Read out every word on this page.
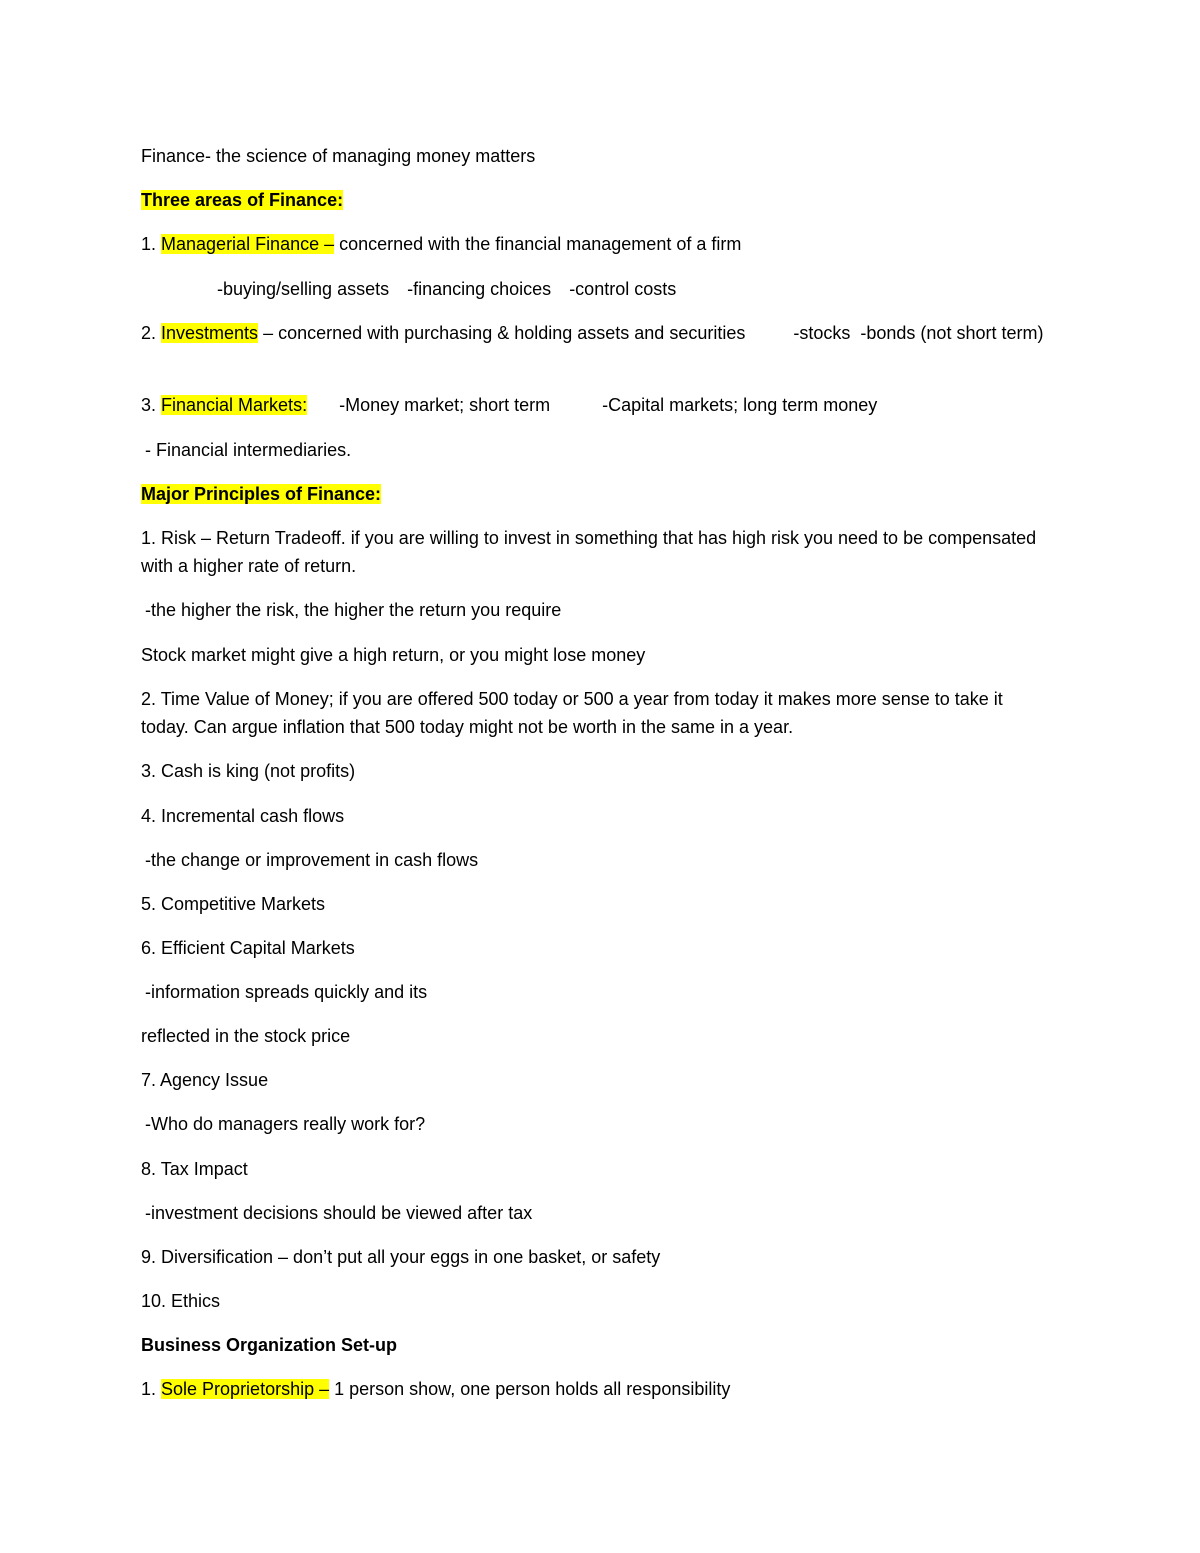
Finance- the science of managing money matters
Three areas of Finance:
1. Managerial Finance – concerned with the financial management of a firm
-buying/selling assets -financing choices -control costs
2. Investments – concerned with purchasing & holding assets and securities	-stocks -bonds (not short term)
3. Financial Markets: -Money market; short term	-Capital markets; long term money
- Financial intermediaries.
Major Principles of Finance:
1. Risk – Return Tradeoff. if you are willing to invest in something that has high risk you need to be compensated with a higher rate of return.
-the higher the risk, the higher the return you require
Stock market might give a high return, or you might lose money
2. Time Value of Money; if you are offered 500 today or 500 a year from today it makes more sense to take it today. Can argue inflation that 500 today might not be worth in the same in a year.
3. Cash is king (not profits)
4. Incremental cash flows
-the change or improvement in cash flows
5. Competitive Markets
6. Efficient Capital Markets
-information spreads quickly and its
reflected in the stock price
7. Agency Issue
-Who do managers really work for?
8. Tax Impact
-investment decisions should be viewed after tax
9. Diversification – don’t put all your eggs in one basket, or safety
10. Ethics
Business Organization Set-up
1. Sole Proprietorship – 1 person show, one person holds all responsibility
